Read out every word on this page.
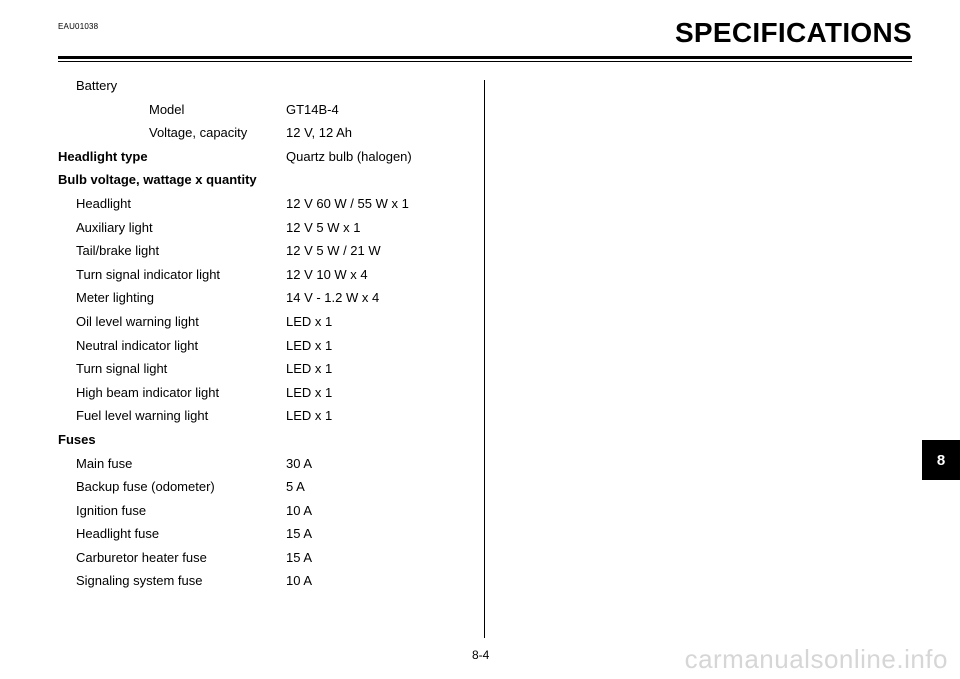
EAU01038	SPECIFICATIONS
Battery
Model	GT14B-4
Voltage, capacity	12 V, 12 Ah
Headlight type	Quartz bulb (halogen)
Bulb voltage, wattage x quantity
Headlight	12 V 60 W / 55 W x 1
Auxiliary light	12 V 5 W x 1
Tail/brake light	12 V 5 W / 21 W
Turn signal indicator light	12 V 10 W x 4
Meter lighting	14 V - 1.2 W x 4
Oil level warning light	LED x 1
Neutral indicator light	LED x 1
Turn signal light	LED x 1
High beam indicator light	LED x 1
Fuel level warning light	LED x 1
Fuses
Main fuse	30 A
Backup fuse (odometer)	5 A
Ignition fuse	10 A
Headlight fuse	15 A
Carburetor heater fuse	15 A
Signaling system fuse	10 A
8-4
8
carmanualsonline.info
